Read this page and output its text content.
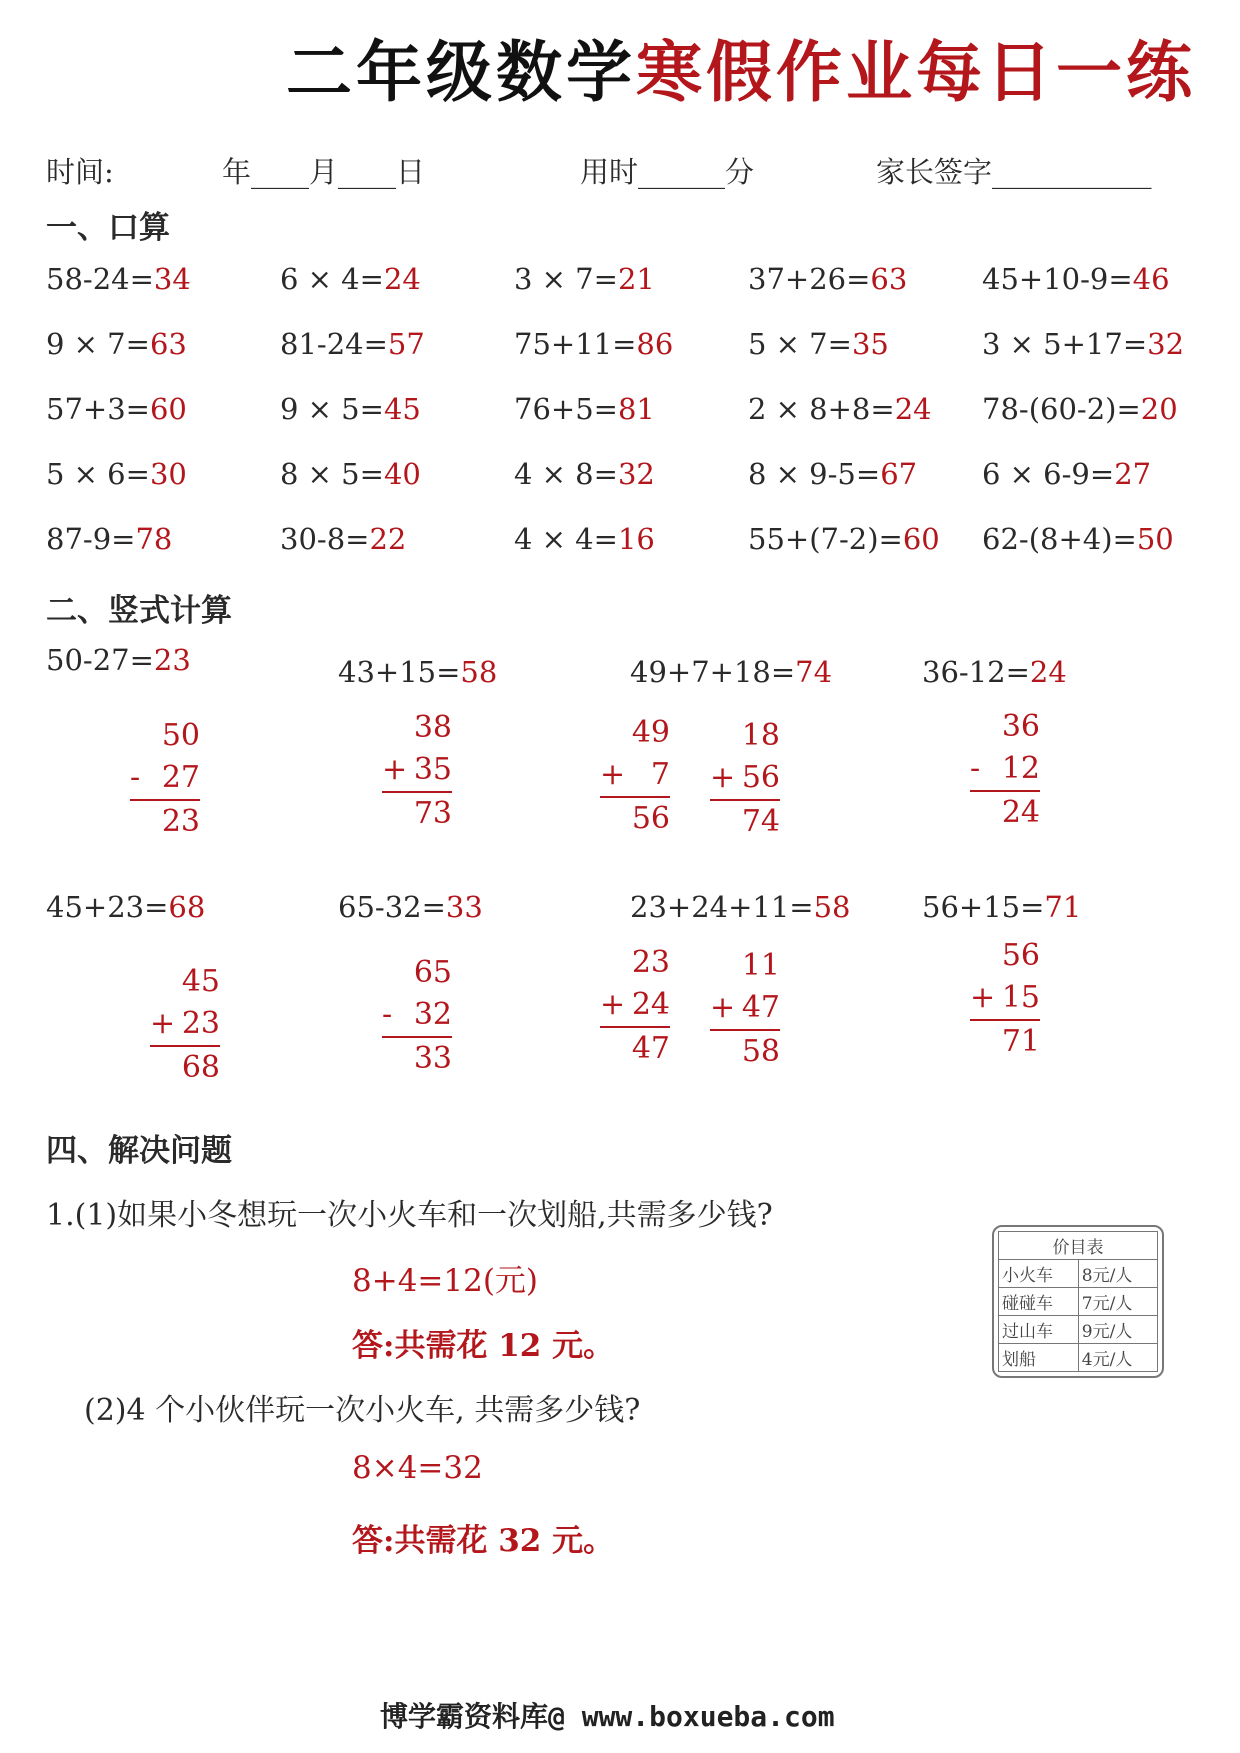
二年级数学寒假作业每日一练
时间:	年____月____日	用时______分	家长签字___________
一、口算
58-24=34	6 × 4=24	3 × 7=21	37+26=63	45+10-9=46
9 × 7=63	81-24=57	75+11=86	5 × 7=35	3 × 5+17=32
57+3=60	9 × 5=45	76+5=81	2 × 8+8=24 78-(60-2)=20
5 × 6=30	8 × 5=40	4 × 8=32	8 × 9-5=67 6 × 6-9=27
87-9=78	30-8=22	4 × 4=16	55+(7-2)=60 62-(8+4)=50
二、竖式计算
50-27=23
50
- 27
23
43+15=58
38
+ 35
73
49+7+18=74
49
+ 7
56
18
+ 56
74
36-12=24
36
- 12
24
45+23=68
45
+ 23
68
65-32=33
65
- 32
33
23+24+11=58
23
+ 24
47
11
+ 47
58
56+15=71
56
+ 15
71
四、解决问题
1.(1)如果小冬想玩一次小火车和一次划船,共需多少钱?
8+4=12(元)
答:共需花 12 元。
(2)4 个小伙伴玩一次小火车, 共需多少钱?
8×4=32
答:共需花 32 元。
价目表	
小火车	8元/人
碰碰车	7元/人
过山车	9元/人
划船	4元/人
博学霸资料库@ www.boxueba.com
